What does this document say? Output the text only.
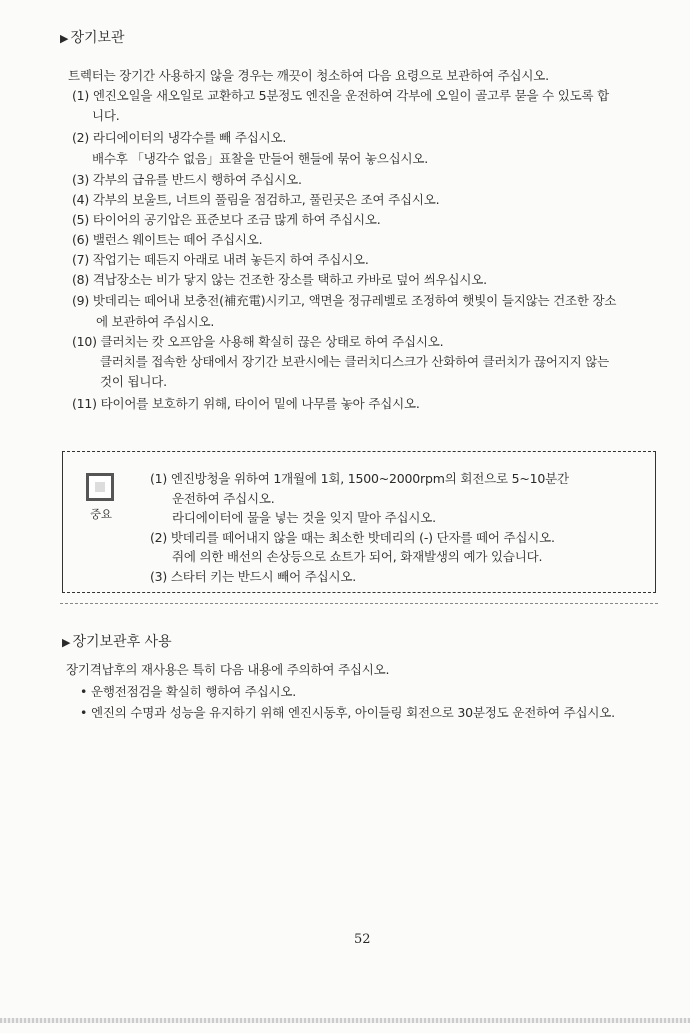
▶ 장기보관
트렉터는 장기간 사용하지 않을 경우는 깨끗이 청소하여 다음 요령으로 보관하여 주십시오.
(1) 엔진오일을 새오일로 교환하고 5분정도 엔진을 운전하여 각부에 오일이 골고루 묻을 수 있도록 합
니다.
(2) 라디에이터의 냉각수를 빼 주십시오.
배수후 「냉각수 없음」표찰을 만들어 핸들에 묶어 놓으십시오.
(3) 각부의 급유를 반드시 행하여 주십시오.
(4) 각부의 보울트, 너트의 풀림을 점검하고, 풀린곳은 조여 주십시오.
(5) 타이어의 공기압은 표준보다 조금 많게 하여 주십시오.
(6) 밸런스 웨이트는 떼어 주십시오.
(7) 작업기는 떼든지 아래로 내려 놓든지 하여 주십시오.
(8) 격납장소는 비가 닿지 않는 건조한 장소를 택하고 카바로 덮어 씌우십시오.
(9) 밧데리는 떼어내 보충전(補充電)시키고, 액면을 정규레벨로 조정하여 햇빛이 들지않는 건조한 장소
에 보관하여 주십시오.
(10) 클러치는 캇 오프암을 사용해 확실히 끊은 상태로 하여 주십시오.
클러치를 접속한 상태에서 장기간 보관시에는 클러치디스크가 산화하여 클러치가 끊어지지 않는
것이 됩니다.
(11) 타이어를 보호하기 위해, 타이어 밑에 나무를 놓아 주십시오.
중요
(1) 엔진방청을 위하여 1개월에 1회, 1500~2000rpm의 회전으로 5~10분간
운전하여 주십시오.
라디에이터에 물을 넣는 것을 잊지 말아 주십시오.
(2) 밧데리를 떼어내지 않을 때는 최소한 밧데리의 (-) 단자를 떼어 주십시오.
쥐에 의한 배선의 손상등으로 쇼트가 되어, 화재발생의 예가 있습니다.
(3) 스타터 키는 반드시 빼어 주십시오.
▶ 장기보관후 사용
장기격납후의 재사용은 특히 다음 내용에 주의하여 주십시오.
• 운행전점검을 확실히 행하여 주십시오.
• 엔진의 수명과 성능을 유지하기 위해 엔진시동후, 아이들링 회전으로 30분정도 운전하여 주십시오.
52
